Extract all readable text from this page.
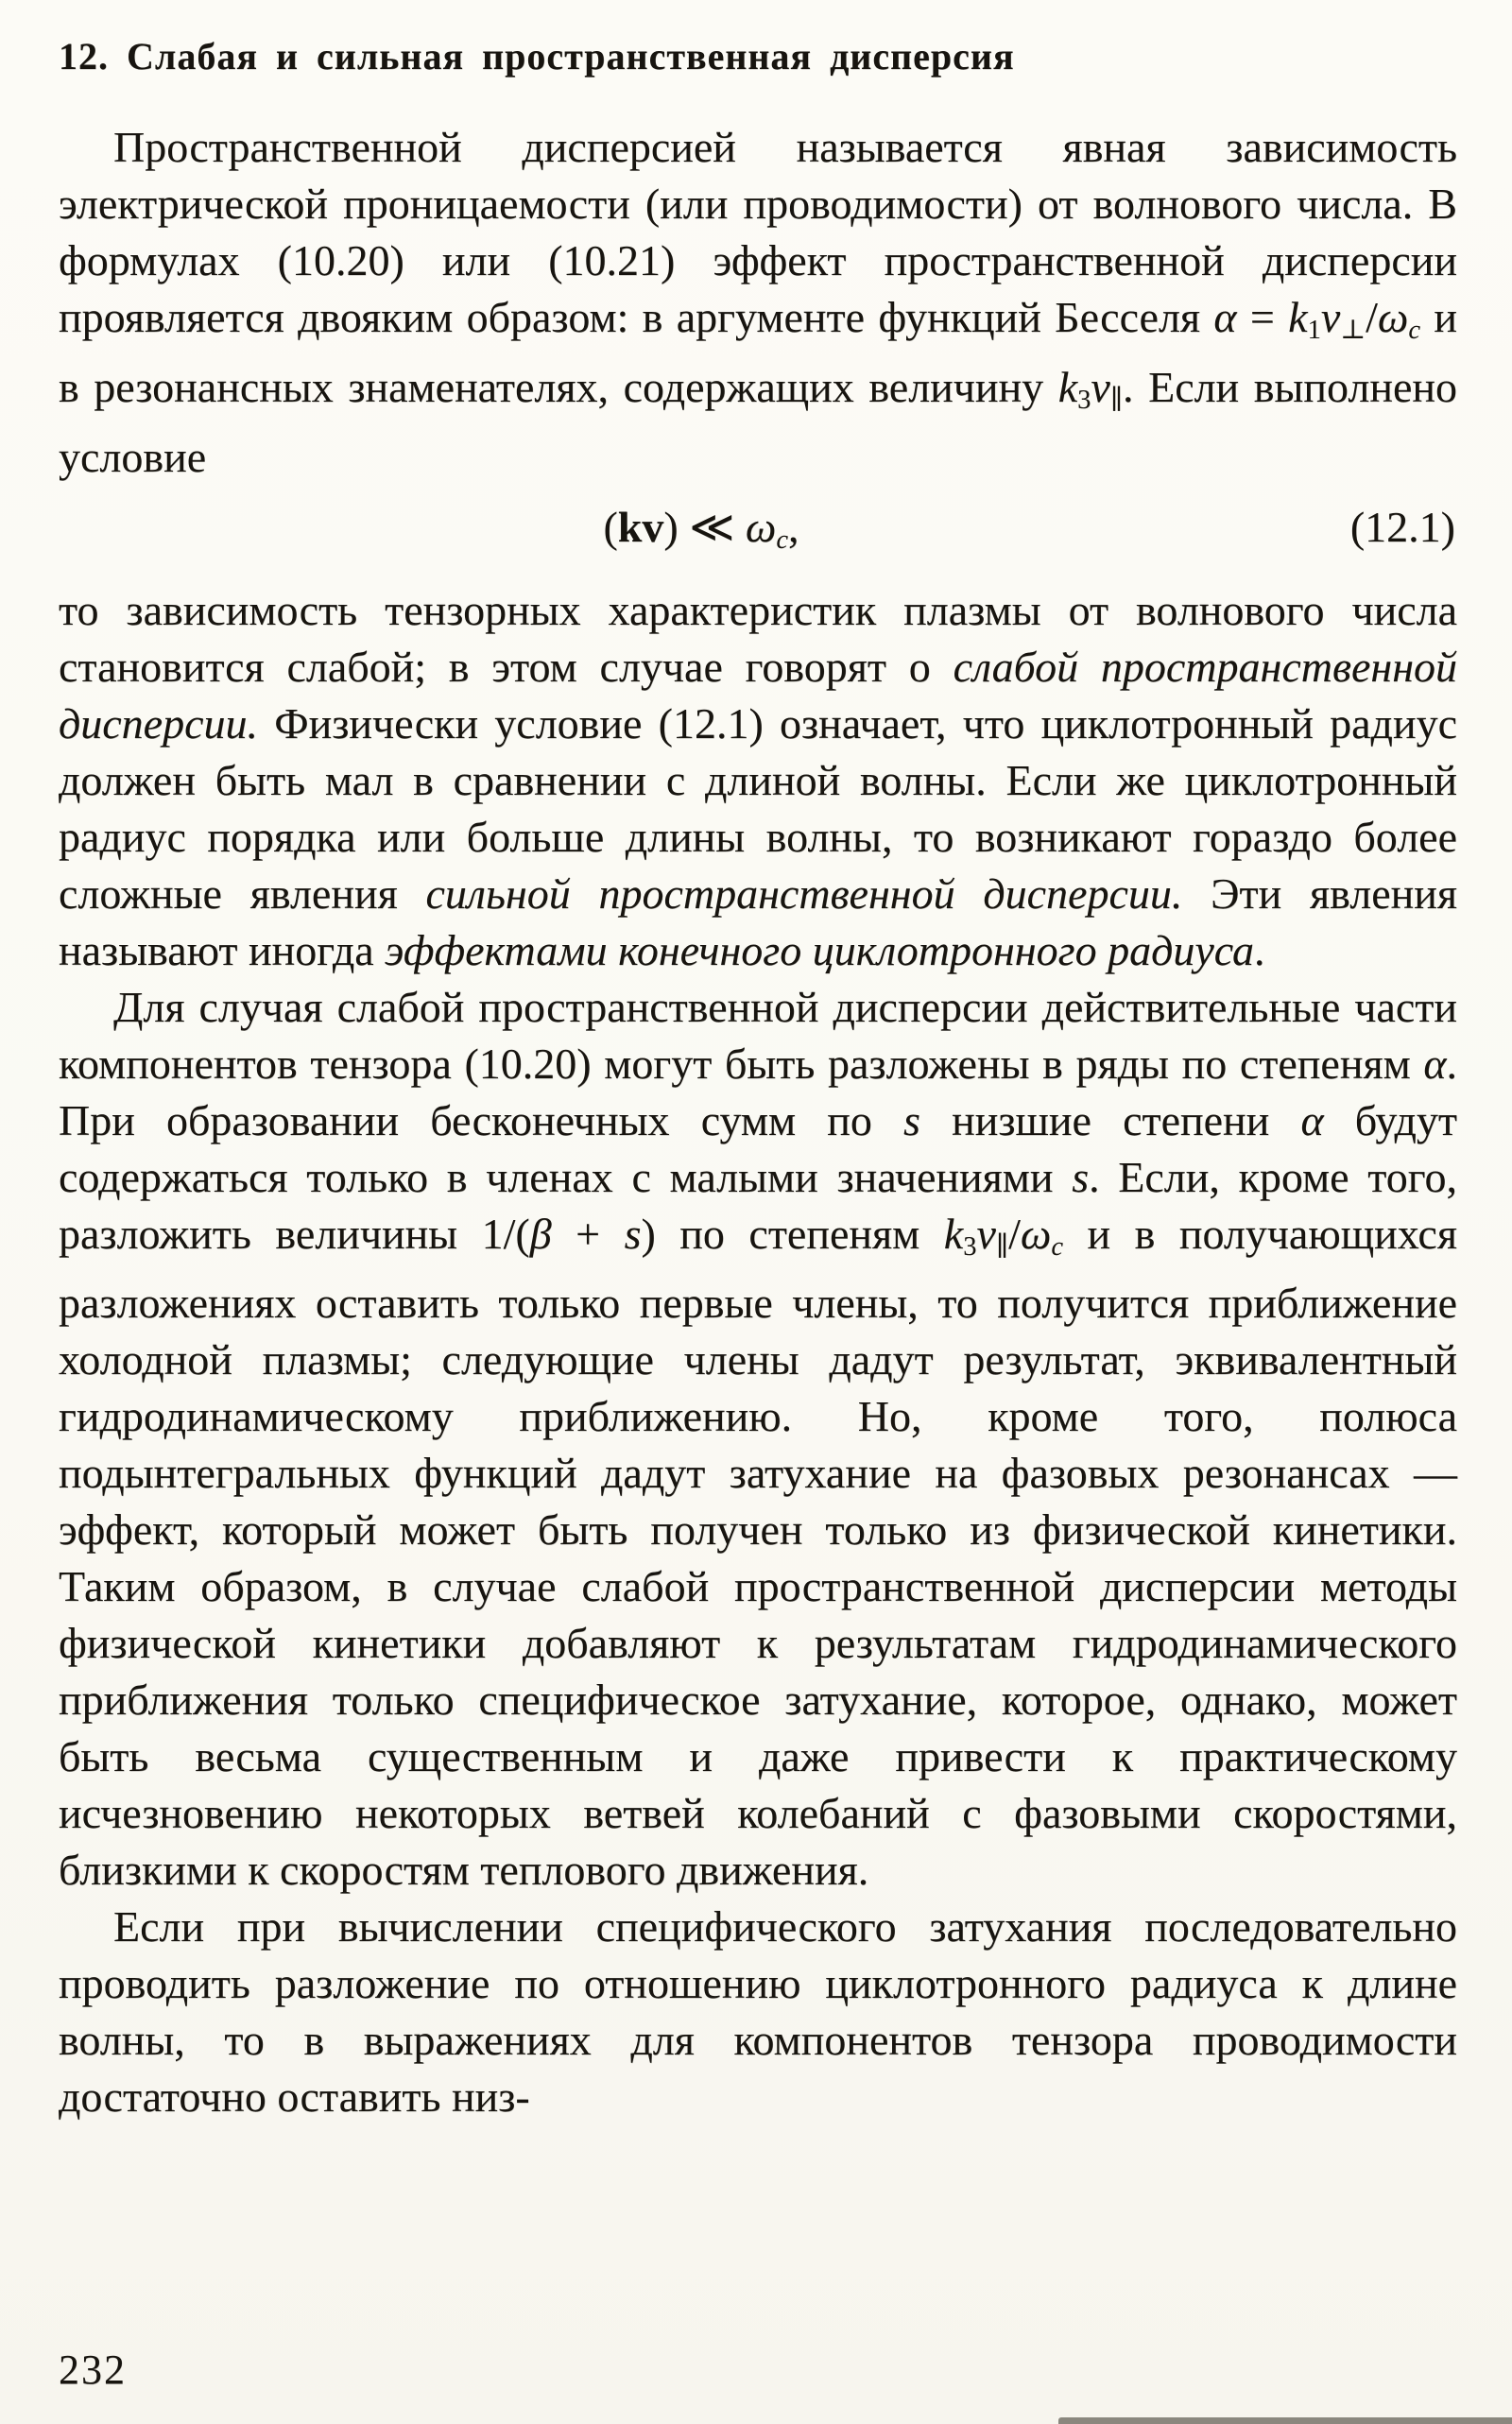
12. Слабая и сильная пространственная дисперсия

Пространственной дисперсией называется явная зависимость электрической проницаемости (или проводимости) от волнового числа. В формулах (10.20) или (10.21) эффект пространственной дисперсии проявляется двояким образом: в аргументе функций Бесселя α = k1v⊥/ωc и в резонансных знаменателях, содержащих величину k3v∥. Если выполнено условие

(kv) ≪ ωc,	(12.1)

то зависимость тензорных характеристик плазмы от волнового числа становится слабой; в этом случае говорят о слабой пространственной дисперсии. Физически условие (12.1) означает, что циклотронный радиус должен быть мал в сравнении с длиной волны. Если же циклотронный радиус порядка или больше длины волны, то возникают гораздо более сложные явления сильной пространственной дисперсии. Эти явления называют иногда эффектами конечного циклотронного радиуса.

Для случая слабой пространственной дисперсии действительные части компонентов тензора (10.20) могут быть разложены в ряды по степеням α. При образовании бесконечных сумм по s низшие степени α будут содержаться только в членах с малыми значениями s. Если, кроме того, разложить величины 1/(β + s) по степеням k3v∥/ωc и в получающихся разложениях оставить только первые члены, то получится приближение холодной плазмы; следующие члены дадут результат, эквивалентный гидродинамическому приближению. Но, кроме того, полюса подынтегральных функций дадут затухание на фазовых резонансах — эффект, который может быть получен только из физической кинетики. Таким образом, в случае слабой пространственной дисперсии методы физической кинетики добавляют к результатам гидродинамического приближения только специфическое затухание, которое, однако, может быть весьма существенным и даже привести к практическому исчезновению некоторых ветвей колебаний с фазовыми скоростями, близкими к скоростям теплового движения.

Если при вычислении специфического затухания последовательно проводить разложение по отношению циклотронного радиуса к длине волны, то в выражениях для компонентов тензора проводимости достаточно оставить низ-

232
